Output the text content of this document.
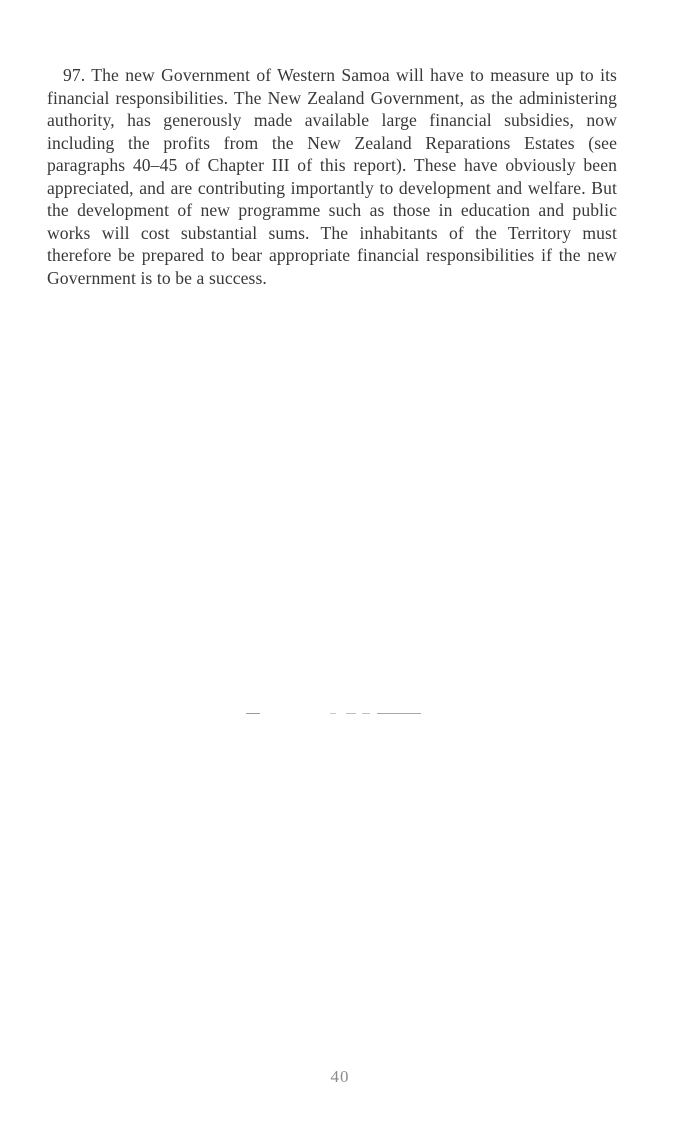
97. The new Government of Western Samoa will have to measure up to its financial responsibilities. The New Zealand Government, as the administering authority, has generously made available large financial subsidies, now including the profits from the New Zealand Reparations Estates (see paragraphs 40–45 of Chapter III of this report). These have obviously been appreciated, and are contributing importantly to development and welfare. But the development of new programme such as those in education and public works will cost substantial sums. The inhabitants of the Territory must therefore be prepared to bear appropriate financial responsibilities if the new Government is to be a success.

40
